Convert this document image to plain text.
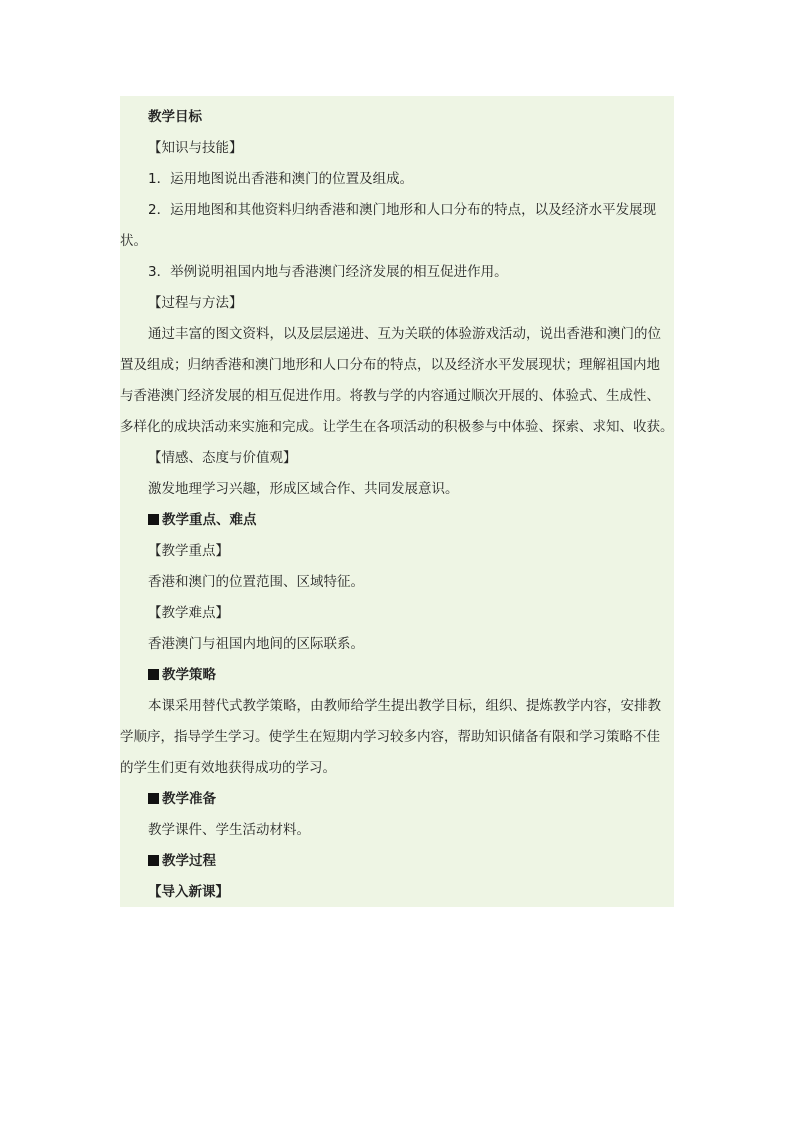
教学目标

【知识与技能】

1．运用地图说出香港和澳门的位置及组成。

2．运用地图和其他资料归纳香港和澳门地形和人口分布的特点，以及经济水平发展现

状。

3．举例说明祖国内地与香港澳门经济发展的相互促进作用。

【过程与方法】

通过丰富的图文资料，以及层层递进、互为关联的体验游戏活动，说出香港和澳门的位

置及组成；归纳香港和澳门地形和人口分布的特点，以及经济水平发展现状；理解祖国内地

与香港澳门经济发展的相互促进作用。将教与学的内容通过顺次开展的、体验式、生成性、

多样化的成块活动来实施和完成。让学生在各项活动的积极参与中体验、探索、求知、收获。

【情感、态度与价值观】

激发地理学习兴趣，形成区域合作、共同发展意识。

教学重点、难点

【教学重点】

香港和澳门的位置范围、区域特征。

【教学难点】

香港澳门与祖国内地间的区际联系。

教学策略

本课采用替代式教学策略，由教师给学生提出教学目标，组织、提炼教学内容，安排教

学顺序，指导学生学习。使学生在短期内学习较多内容，帮助知识储备有限和学习策略不佳

的学生们更有效地获得成功的学习。

教学准备

教学课件、学生活动材料。

教学过程

【导入新课】
